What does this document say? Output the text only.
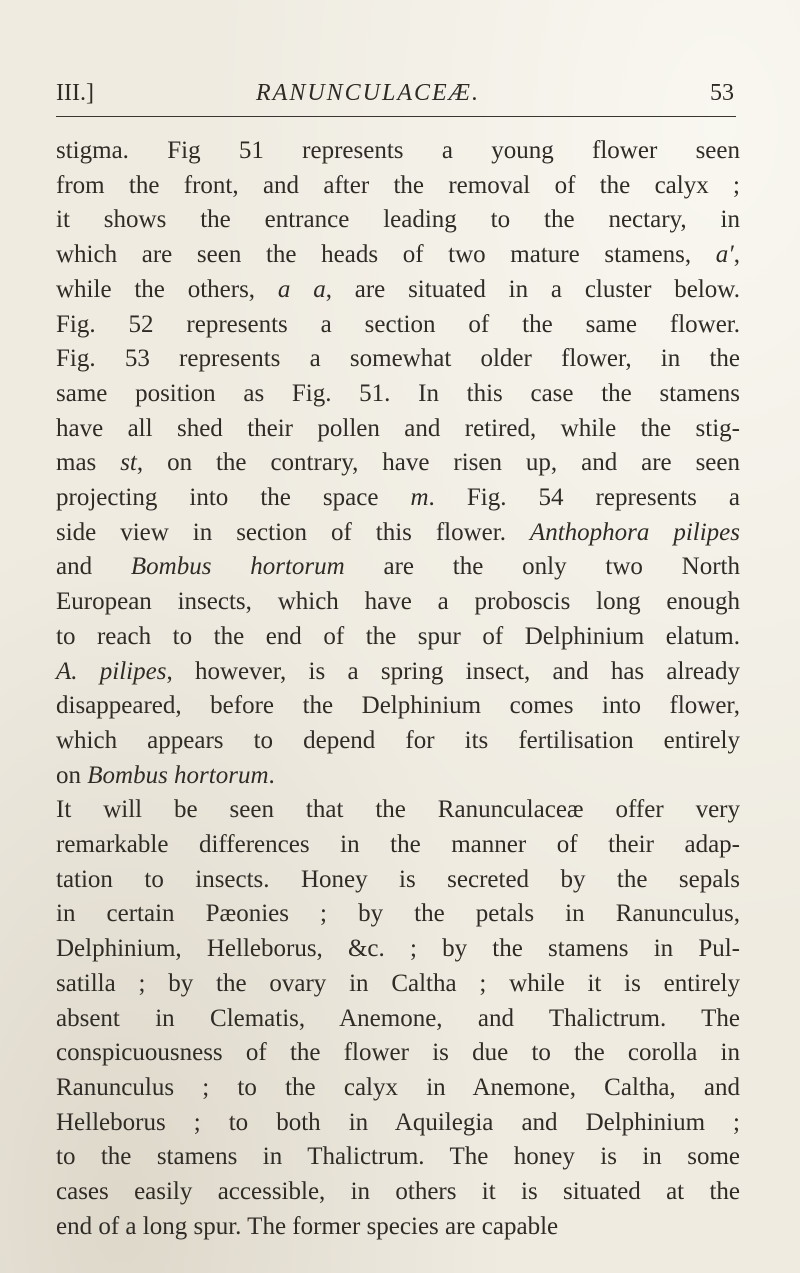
III.]	RANUNCULACEÆ.	53

stigma. Fig 51 represents a young flower seen
from the front, and after the removal of the calyx ;
it shows the entrance leading to the nectary, in
which are seen the heads of two mature stamens, a′,
while the others, a a, are situated in a cluster below.
Fig. 52 represents a section of the same flower.
Fig. 53 represents a somewhat older flower, in the
same position as Fig. 51. In this case the stamens
have all shed their pollen and retired, while the stig-
mas st, on the contrary, have risen up, and are seen
projecting into the space m. Fig. 54 represents a
side view in section of this flower. Anthophora pilipes
and Bombus hortorum are the only two North
European insects, which have a proboscis long enough
to reach to the end of the spur of Delphinium elatum.
A. pilipes, however, is a spring insect, and has already
disappeared, before the Delphinium comes into flower,
which appears to depend for its fertilisation entirely
on Bombus hortorum.

It will be seen that the Ranunculaceæ offer very
remarkable differences in the manner of their adap-
tation to insects. Honey is secreted by the sepals
in certain Pæonies ; by the petals in Ranunculus,
Delphinium, Helleborus, &c. ; by the stamens in Pul-
satilla ; by the ovary in Caltha ; while it is entirely
absent in Clematis, Anemone, and Thalictrum. The
conspicuousness of the flower is due to the corolla in
Ranunculus ; to the calyx in Anemone, Caltha, and
Helleborus ; to both in Aquilegia and Delphinium ;
to the stamens in Thalictrum. The honey is in some
cases easily accessible, in others it is situated at the
end of a long spur. The former species are capable
